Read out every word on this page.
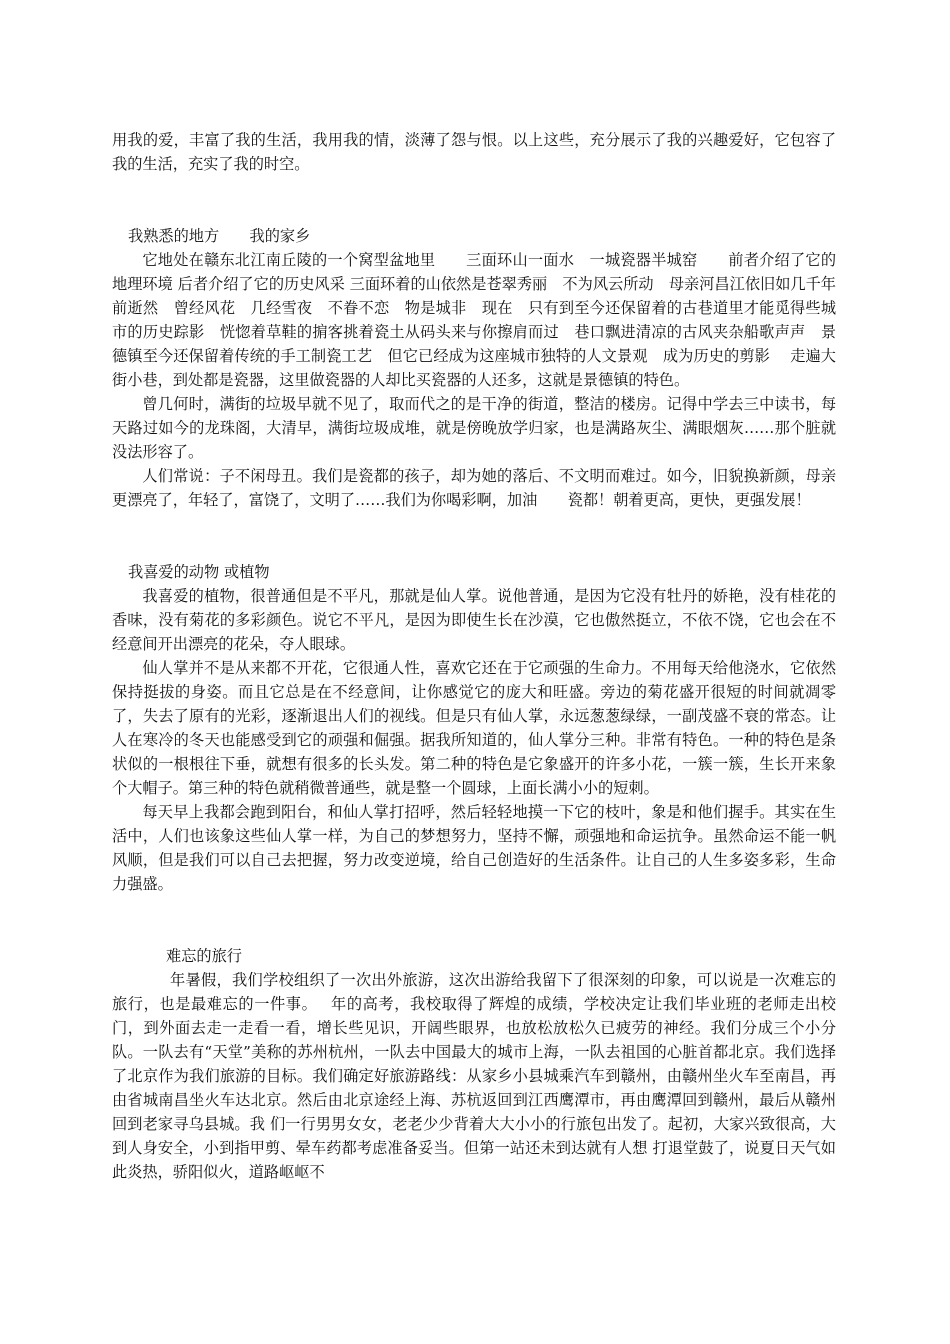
用我的爱，丰富了我的生活，我用我的情，淡薄了怨与恨。以上这些，充分展示了我的兴趣爱好，它包容了我的生活，充实了我的时空。

我熟悉的地方　　我的家乡

它地处在赣东北江南丘陵的一个窝型盆地里　　三面环山一面水　一城瓷器半城窑　　前者介绍了它的地理环境 后者介绍了它的历史风采 三面环着的山依然是苍翠秀丽　不为风云所动　母亲河昌江依旧如几千年前逝然　曾经风花　几经雪夜　不眷不恋　物是城非　现在　只有到至今还保留着的古巷道里才能觅得些城市的历史踪影　恍惚着草鞋的掮客挑着瓷土从码头来与你擦肩而过　巷口飘进清凉的古风夹杂船歌声声　景德镇至今还保留着传统的手工制瓷工艺　但它已经成为这座城市独特的人文景观　成为历史的剪影　 走遍大街小巷，到处都是瓷器，这里做瓷器的人却比买瓷器的人还多，这就是景德镇的特色。

曾几何时，满街的垃圾早就不见了，取而代之的是干净的街道，整洁的楼房。记得中学去三中读书，每天路过如今的龙珠阁，大清早，满街垃圾成堆，就是傍晚放学归家，也是满路灰尘、满眼烟灰……那个脏就没法形容了。

人们常说：子不闲母丑。我们是瓷都的孩子，却为她的落后、不文明而难过。如今，旧貌换新颜，母亲更漂亮了，年轻了，富饶了，文明了……我们为你喝彩啊，加油　　瓷都！朝着更高，更快，更强发展！

我喜爱的动物 或植物

我喜爱的植物，很普通但是不平凡，那就是仙人掌。说他普通，是因为它没有牡丹的娇艳，没有桂花的香味，没有菊花的多彩颜色。说它不平凡，是因为即使生长在沙漠，它也傲然挺立，不依不饶，它也会在不经意间开出漂亮的花朵，夺人眼球。

仙人掌并不是从来都不开花，它很通人性，喜欢它还在于它顽强的生命力。不用每天给他浇水，它依然保持挺拔的身姿。而且它总是在不经意间，让你感觉它的庞大和旺盛。旁边的菊花盛开很短的时间就凋零了，失去了原有的光彩，逐渐退出人们的视线。但是只有仙人掌，永远葱葱绿绿，一副茂盛不衰的常态。让人在寒冷的冬天也能感受到它的顽强和倔强。据我所知道的，仙人掌分三种。非常有特色。一种的特色是条状似的一根根往下垂，就想有很多的长头发。第二种的特色是它象盛开的许多小花，一簇一簇，生长开来象个大帽子。第三种的特色就稍微普通些，就是整一个圆球，上面长满小小的短刺。

每天早上我都会跑到阳台，和仙人掌打招呼，然后轻轻地摸一下它的枝叶，象是和他们握手。其实在生活中，人们也该象这些仙人掌一样，为自己的梦想努力，坚持不懈，顽强地和命运抗争。虽然命运不能一帆风顺，但是我们可以自己去把握，努力改变逆境，给自己创造好的生活条件。让自己的人生多姿多彩，生命力强盛。

难忘的旅行

年暑假，我们学校组织了一次出外旅游，这次出游给我留下了很深刻的印象，可以说是一次难忘的旅行，也是最难忘的一件事。　 年的高考，我校取得了辉煌的成绩，学校决定让我们毕业班的老师走出校门，到外面去走一走看一看，增长些见识，开阔些眼界，也放松放松久已疲劳的神经。我们分成三个小分队。一队去有“天堂”美称的苏州杭州，一队去中国最大的城市上海，一队去祖国的心脏首都北京。我们选择了北京作为我们旅游的目标。我们确定好旅游路线：从家乡小县城乘汽车到赣州，由赣州坐火车至南昌，再由省城南昌坐火车达北京。然后由北京途经上海、苏杭返回到江西鹰潭市，再由鹰潭回到赣州，最后从赣州回到老家寻乌县城。我 们一行男男女女，老老少少背着大大小小的行旅包出发了。起初，大家兴致很高，大到人身安全，小到指甲剪、晕车药都考虑准备妥当。但第一站还未到达就有人想 打退堂鼓了，说夏日天气如此炎热，骄阳似火，道路岖岖不
